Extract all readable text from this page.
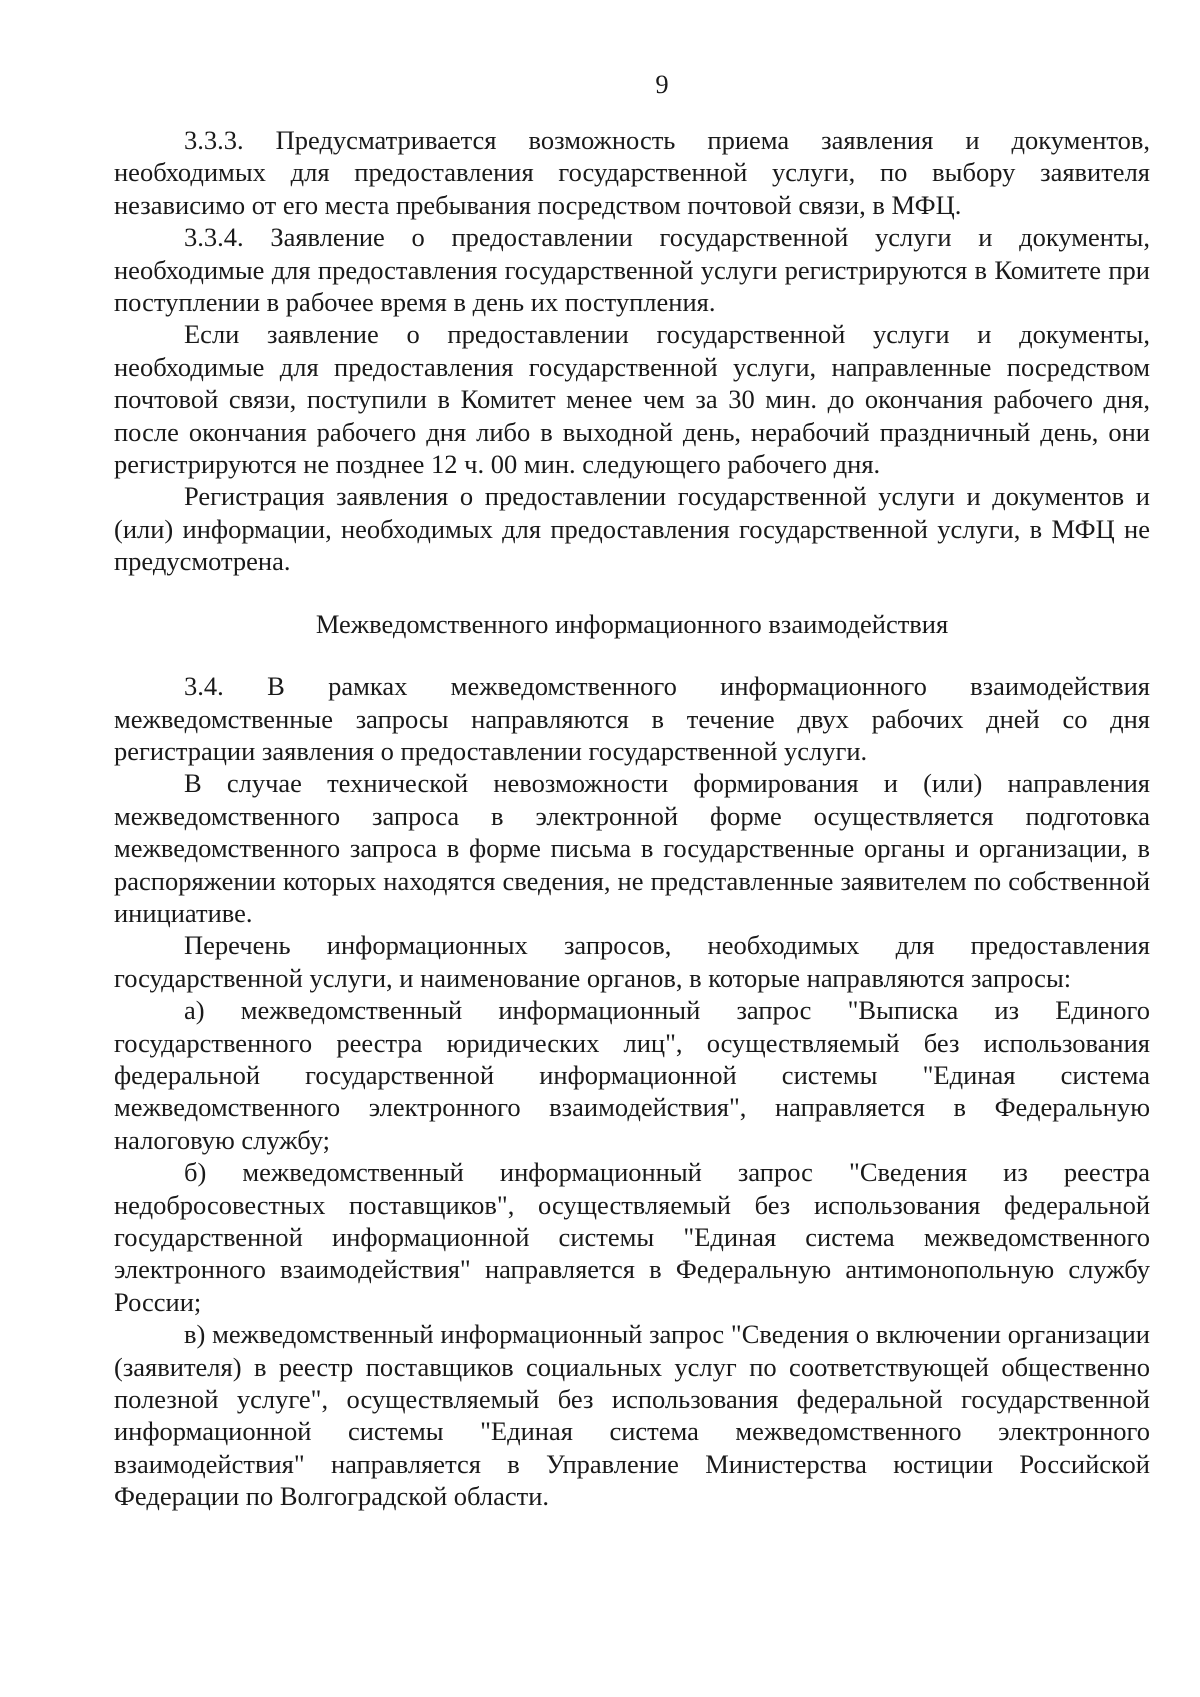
9

3.3.3. Предусматривается возможность приема заявления и документов, необходимых для предоставления государственной услуги, по выбору заявителя независимо от его места пребывания посредством почтовой связи, в МФЦ.

3.3.4. Заявление о предоставлении государственной услуги и документы, необходимые для предоставления государственной услуги регистрируются в Комитете при поступлении в рабочее время в день их поступления.

Если заявление о предоставлении государственной услуги и документы, необходимые для предоставления государственной услуги, направленные посредством почтовой связи, поступили в Комитет менее чем за 30 мин. до окончания рабочего дня, после окончания рабочего дня либо в выходной день, нерабочий праздничный день, они регистрируются не позднее 12 ч. 00 мин. следующего рабочего дня.

Регистрация заявления о предоставлении государственной услуги и документов и (или) информации, необходимых для предоставления государственной услуги, в МФЦ не предусмотрена.

Межведомственного информационного взаимодействия

3.4. В рамках межведомственного информационного взаимодействия межведомственные запросы направляются в течение двух рабочих дней со дня регистрации заявления о предоставлении государственной услуги.

В случае технической невозможности формирования и (или) направления межведомственного запроса в электронной форме осуществляется подготовка межведомственного запроса в форме письма в государственные органы и организации, в распоряжении которых находятся сведения, не представленные заявителем по собственной инициативе.

Перечень информационных запросов, необходимых для предоставления государственной услуги, и наименование органов, в которые направляются запросы:

а) межведомственный информационный запрос "Выписка из Единого государственного реестра юридических лиц", осуществляемый без использования федеральной государственной информационной системы "Единая система межведомственного электронного взаимодействия", направляется в Федеральную налоговую службу;

б) межведомственный информационный запрос "Сведения из реестра недобросовестных поставщиков", осуществляемый без использования федеральной государственной информационной системы "Единая система межведомственного электронного взаимодействия" направляется в Федеральную антимонопольную службу России;

в) межведомственный информационный запрос "Сведения о включении организации (заявителя) в реестр поставщиков социальных услуг по соответствующей общественно полезной услуге", осуществляемый без использования федеральной государственной информационной системы "Единая система межведомственного электронного взаимодействия" направляется в Управление Министерства юстиции Российской Федерации по Волгоградской области.
